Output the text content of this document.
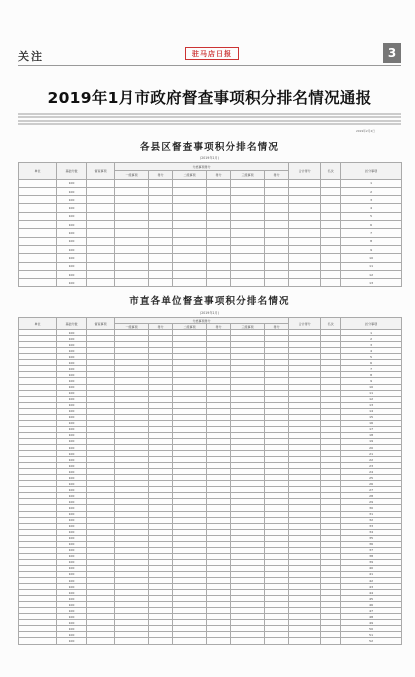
关注	驻马店日报	3
2019年1月市政府督查事项积分排名情况通报
2019年2月2日
各县区督查事项积分排名情况
(2019年1月)
单位	基础分数	督查事项	分类事项得分						合计得分	名次	扣分事项	
			一级事项	得分	二级事项	得分	三级事项	得分				
	100										1	
	100										2	
	100										3	
	100										4	
	100										5	
	100										6	
	100										7	
	100										8	
	100										9	
	100										10	
	100										11	
	100										12	
	100										13	
市直各单位督查事项积分排名情况
(2019年1月)
单位	基础分数	督查事项	分类事项得分						合计得分	名次	扣分事项	
			一级事项	得分	二级事项	得分	三级事项	得分				
	100										1	
	100										2	
	100										3	
	100										4	
	100										5	
	100										6	
	100										7	
	100										8	
	100										9	
	100										10	
	100										11	
	100										12	
	100										13	
	100										14	
	100										15	
	100										16	
	100										17	
	100										18	
	100										19	
	100										20	
	100										21	
	100										22	
	100										23	
	100										24	
	100										25	
	100										26	
	100										27	
	100										28	
	100										29	
	100										30	
	100										31	
	100										32	
	100										33	
	100										34	
	100										35	
	100										36	
	100										37	
	100										38	
	100										39	
	100										40	
	100										41	
	100										42	
	100										43	
	100										44	
	100										45	
	100										46	
	100										47	
	100										48	
	100										49	
	100										50	
	100										51	
	100										52	
